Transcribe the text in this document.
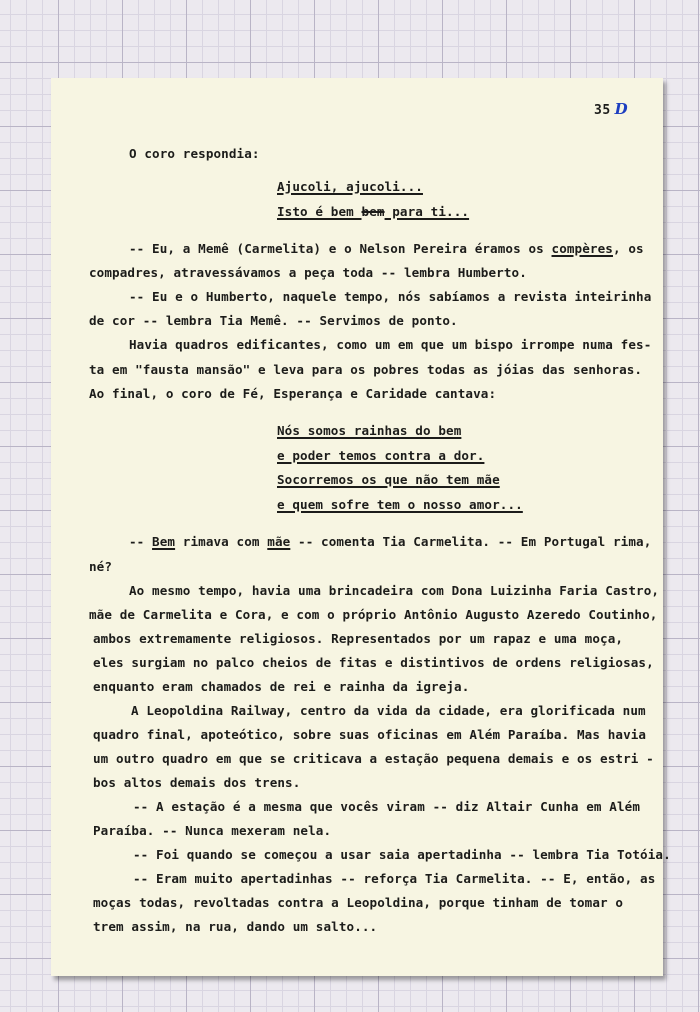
35 D
O coro respondia:
Ajucoli, ajucoli...
Isto é bem bem para ti...
-- Eu, a Memê (Carmelita) e o Nelson Pereira éramos os compères, os
compadres, atravessávamos a peça toda -- lembra Humberto.
-- Eu e o Humberto, naquele tempo, nós sabíamos a revista inteirinha
de cor -- lembra Tia Memê. -- Servimos de ponto.
Havia quadros edificantes, como um em que um bispo irrompe numa fes-
ta em "fausta mansão" e leva para os pobres todas as jóias das senhoras.
Ao final, o coro de Fé, Esperança e Caridade cantava:
Nós somos rainhas do bem
e poder temos contra a dor.
Socorremos os que não tem mãe
e quem sofre tem o nosso amor...
-- Bem rimava com mãe -- comenta Tia Carmelita. -- Em Portugal rima,
né?
Ao mesmo tempo, havia uma brincadeira com Dona Luizinha Faria Castro,
mãe de Carmelita e Cora, e com o próprio Antônio Augusto Azeredo Coutinho,
ambos extremamente religiosos. Representados por um rapaz e uma moça,
eles surgiam no palco cheios de fitas e distintivos de ordens religiosas,
enquanto eram chamados de rei e rainha da igreja.
A Leopoldina Railway, centro da vida da cidade, era glorificada num
quadro final, apoteótico, sobre suas oficinas em Além Paraíba. Mas havia
um outro quadro em que se criticava a estação pequena demais e os estri -
bos altos demais dos trens.
-- A estação é a mesma que vocês viram -- diz Altair Cunha em Além
Paraíba. -- Nunca mexeram nela.
-- Foi quando se começou a usar saia apertadinha -- lembra Tia Totóia.
-- Eram muito apertadinhas -- reforça Tia Carmelita. -- E, então, as
moças todas, revoltadas contra a Leopoldina, porque tinham de tomar o
trem assim, na rua, dando um salto...
